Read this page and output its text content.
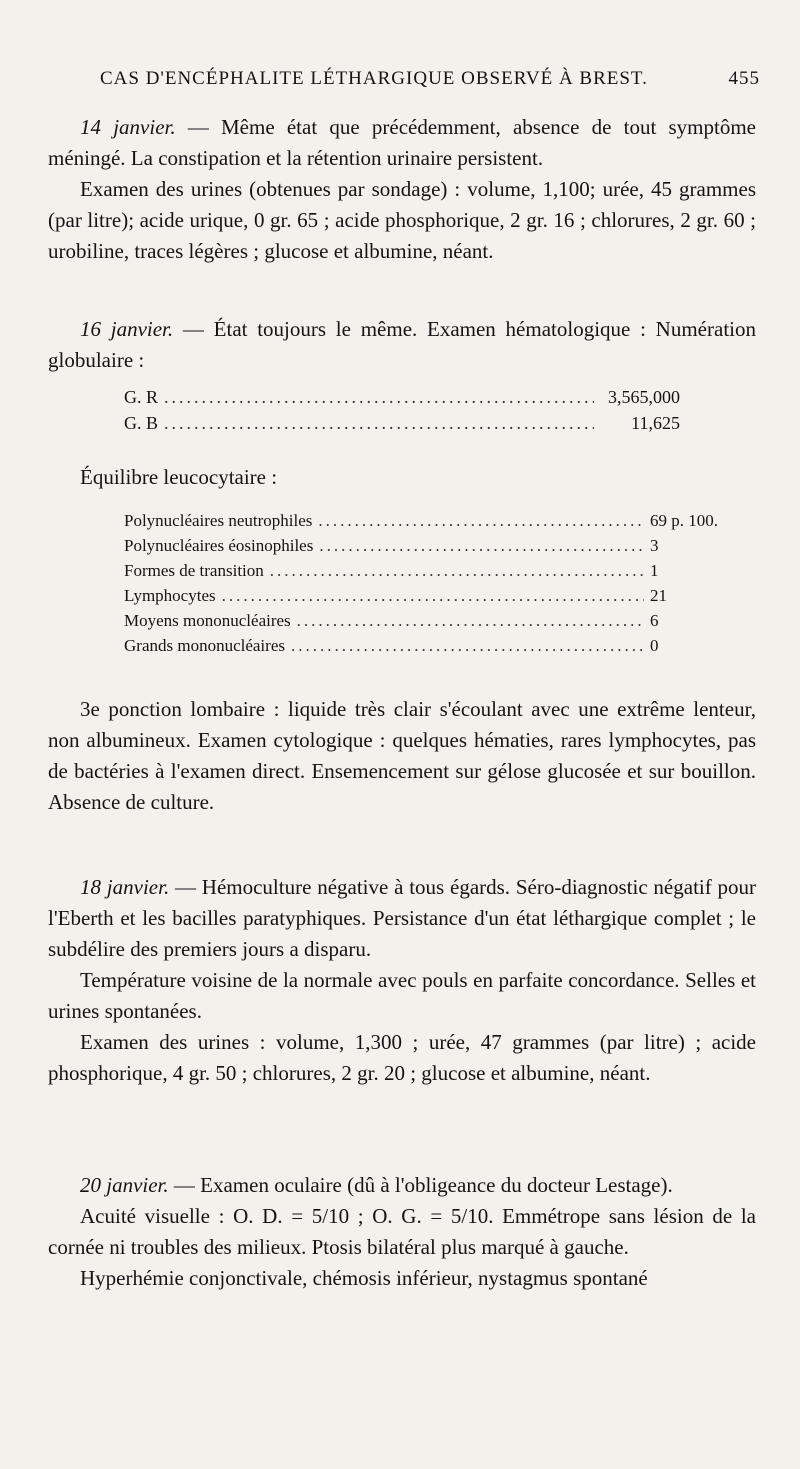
CAS D'ENCÉPHALITE LÉTHARGIQUE OBSERVÉ À BREST.	455

14 janvier. — Même état que précédemment, absence de tout symptôme méningé. La constipation et la rétention urinaire persistent.

Examen des urines (obtenues par sondage) : volume, 1,100; urée, 45 grammes (par litre); acide urique, 0 gr. 65 ; acide phosphorique, 2 gr. 16 ; chlorures, 2 gr. 60 ; urobiline, traces légères ; glucose et albumine, néant.

16 janvier. — État toujours le même. Examen hématologique : Numération globulaire :

G. R .....	3,565,000
G. B .....	11,625
Équilibre leucocytaire :
Polynucléaires neutrophiles .....	69 p. 100.
Polynucléaires éosinophiles .....	3
Formes de transition .....	1
Lymphocytes .....	21
Moyens mononucléaires .....	6
Grands mononucléaires .....	0

3e ponction lombaire : liquide très clair s'écoulant avec une extrême lenteur, non albumineux. Examen cytologique : quelques hématies, rares lymphocytes, pas de bactéries à l'examen direct. Ensemencement sur gélose glucosée et sur bouillon. Absence de culture.

18 janvier. — Hémoculture négative à tous égards. Séro-diagnostic négatif pour l'Eberth et les bacilles paratyphiques. Persistance d'un état léthargique complet ; le subdélire des premiers jours a disparu.

Température voisine de la normale avec pouls en parfaite concordance. Selles et urines spontanées.

Examen des urines : volume, 1,300 ; urée, 47 grammes (par litre) ; acide phosphorique, 4 gr. 50 ; chlorures, 2 gr. 20 ; glucose et albumine, néant.

20 janvier. — Examen oculaire (dû à l'obligeance du docteur Lestage).

Acuité visuelle : O. D. = 5/10 ; O. G. = 5/10. Emmétrope sans lésion de la cornée ni troubles des milieux. Ptosis bilatéral plus marqué à gauche.

Hyperhémie conjonctivale, chémosis inférieur, nystagmus spontané
